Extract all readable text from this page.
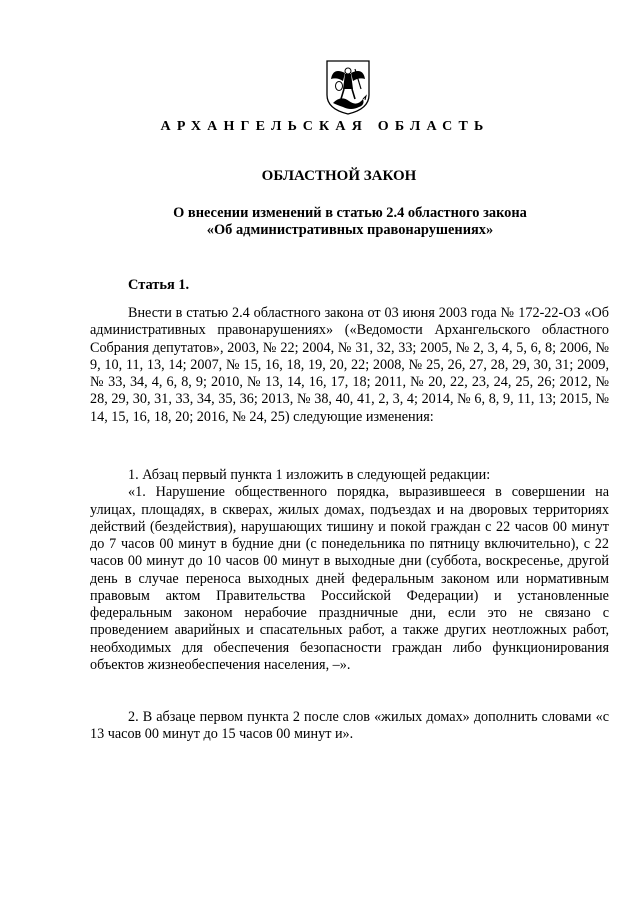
АРХАНГЕЛЬСКАЯ ОБЛАСТЬ
ОБЛАСТНОЙ ЗАКОН
О внесении изменений в статью 2.4 областного закона
«Об административных правонарушениях»
Статья 1.

Внести в статью 2.4 областного закона от 03 июня 2003 года № 172-22-ОЗ «Об административных правонарушениях» («Ведомости Архангельского областного Собрания депутатов», 2003, № 22; 2004, № 31, 32, 33; 2005, № 2, 3, 4, 5, 6, 8; 2006, № 9, 10, 11, 13, 14; 2007, № 15, 16, 18, 19, 20, 22; 2008, № 25, 26, 27, 28, 29, 30, 31; 2009, № 33, 34, 4, 6, 8, 9; 2010, № 13, 14, 16, 17, 18; 2011, № 20, 22, 23, 24, 25, 26; 2012, № 28, 29, 30, 31, 33, 34, 35, 36; 2013, № 38, 40, 41, 2, 3, 4; 2014, № 6, 8, 9, 11, 13; 2015, № 14, 15, 16, 18, 20; 2016, № 24, 25) следующие изменения:

1. Абзац первый пункта 1 изложить в следующей редакции:

«1. Нарушение общественного порядка, выразившееся в совершении на улицах, площадях, в скверах, жилых домах, подъездах и на дворовых территориях действий (бездействия), нарушающих тишину и покой граждан с 22 часов 00 минут до 7 часов 00 минут в будние дни (с понедельника по пятницу включительно), с 22 часов 00 минут до 10 часов 00 минут в выходные дни (суббота, воскресенье, другой день в случае переноса выходных дней федеральным законом или нормативным правовым актом Правительства Российской Федерации) и установленные федеральным законом нерабочие праздничные дни, если это не связано с проведением аварийных и спасательных работ, а также других неотложных работ, необходимых для обеспечения безопасности граждан либо функционирования объектов жизнеобеспечения населения, –».

2. В абзаце первом пункта 2 после слов «жилых домах» дополнить словами «с 13 часов 00 минут до 15 часов 00 минут и».
